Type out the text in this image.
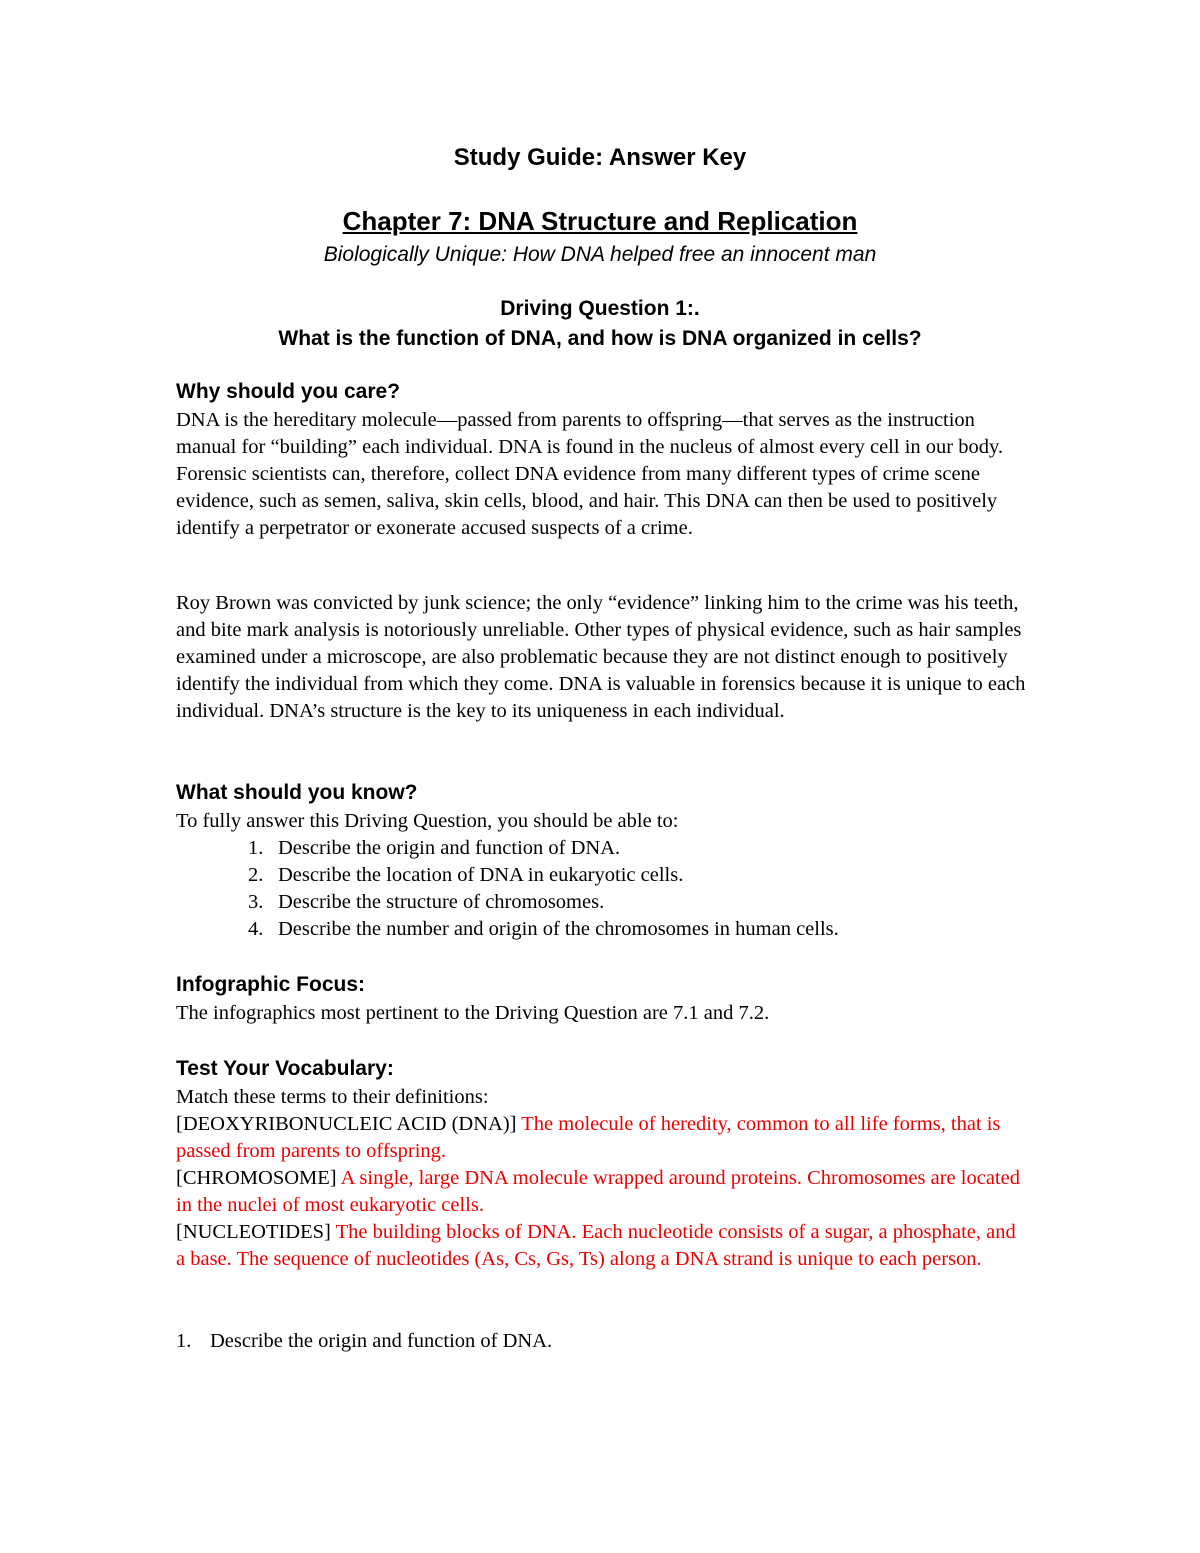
Study Guide: Answer Key
Chapter 7: DNA Structure and Replication
Biologically Unique: How DNA helped free an innocent man
Driving Question 1:.
What is the function of DNA, and how is DNA organized in cells?

Why should you care?

DNA is the hereditary molecule—passed from parents to offspring—that serves as the instruction manual for “building” each individual. DNA is found in the nucleus of almost every cell in our body. Forensic scientists can, therefore, collect DNA evidence from many different types of crime scene evidence, such as semen, saliva, skin cells, blood, and hair. This DNA can then be used to positively identify a perpetrator or exonerate accused suspects of a crime.

Roy Brown was convicted by junk science; the only “evidence” linking him to the crime was his teeth, and bite mark analysis is notoriously unreliable. Other types of physical evidence, such as hair samples examined under a microscope, are also problematic because they are not distinct enough to positively identify the individual from which they come. DNA is valuable in forensics because it is unique to each individual. DNA’s structure is the key to its uniqueness in each individual.

What should you know?

To fully answer this Driving Question, you should be able to:

1. Describe the origin and function of DNA.
2. Describe the location of DNA in eukaryotic cells.
3. Describe the structure of chromosomes.
4. Describe the number and origin of the chromosomes in human cells.

Infographic Focus:

The infographics most pertinent to the Driving Question are 7.1 and 7.2.

Test Your Vocabulary:

Match these terms to their definitions:

[DEOXYRIBONUCLEIC ACID (DNA)] The molecule of heredity, common to all life forms, that is passed from parents to offspring.

[CHROMOSOME] A single, large DNA molecule wrapped around proteins. Chromosomes are located in the nuclei of most eukaryotic cells.

[NUCLEOTIDES] The building blocks of DNA. Each nucleotide consists of a sugar, a phosphate, and a base. The sequence of nucleotides (As, Cs, Gs, Ts) along a DNA strand is unique to each person.

1. Describe the origin and function of DNA.
